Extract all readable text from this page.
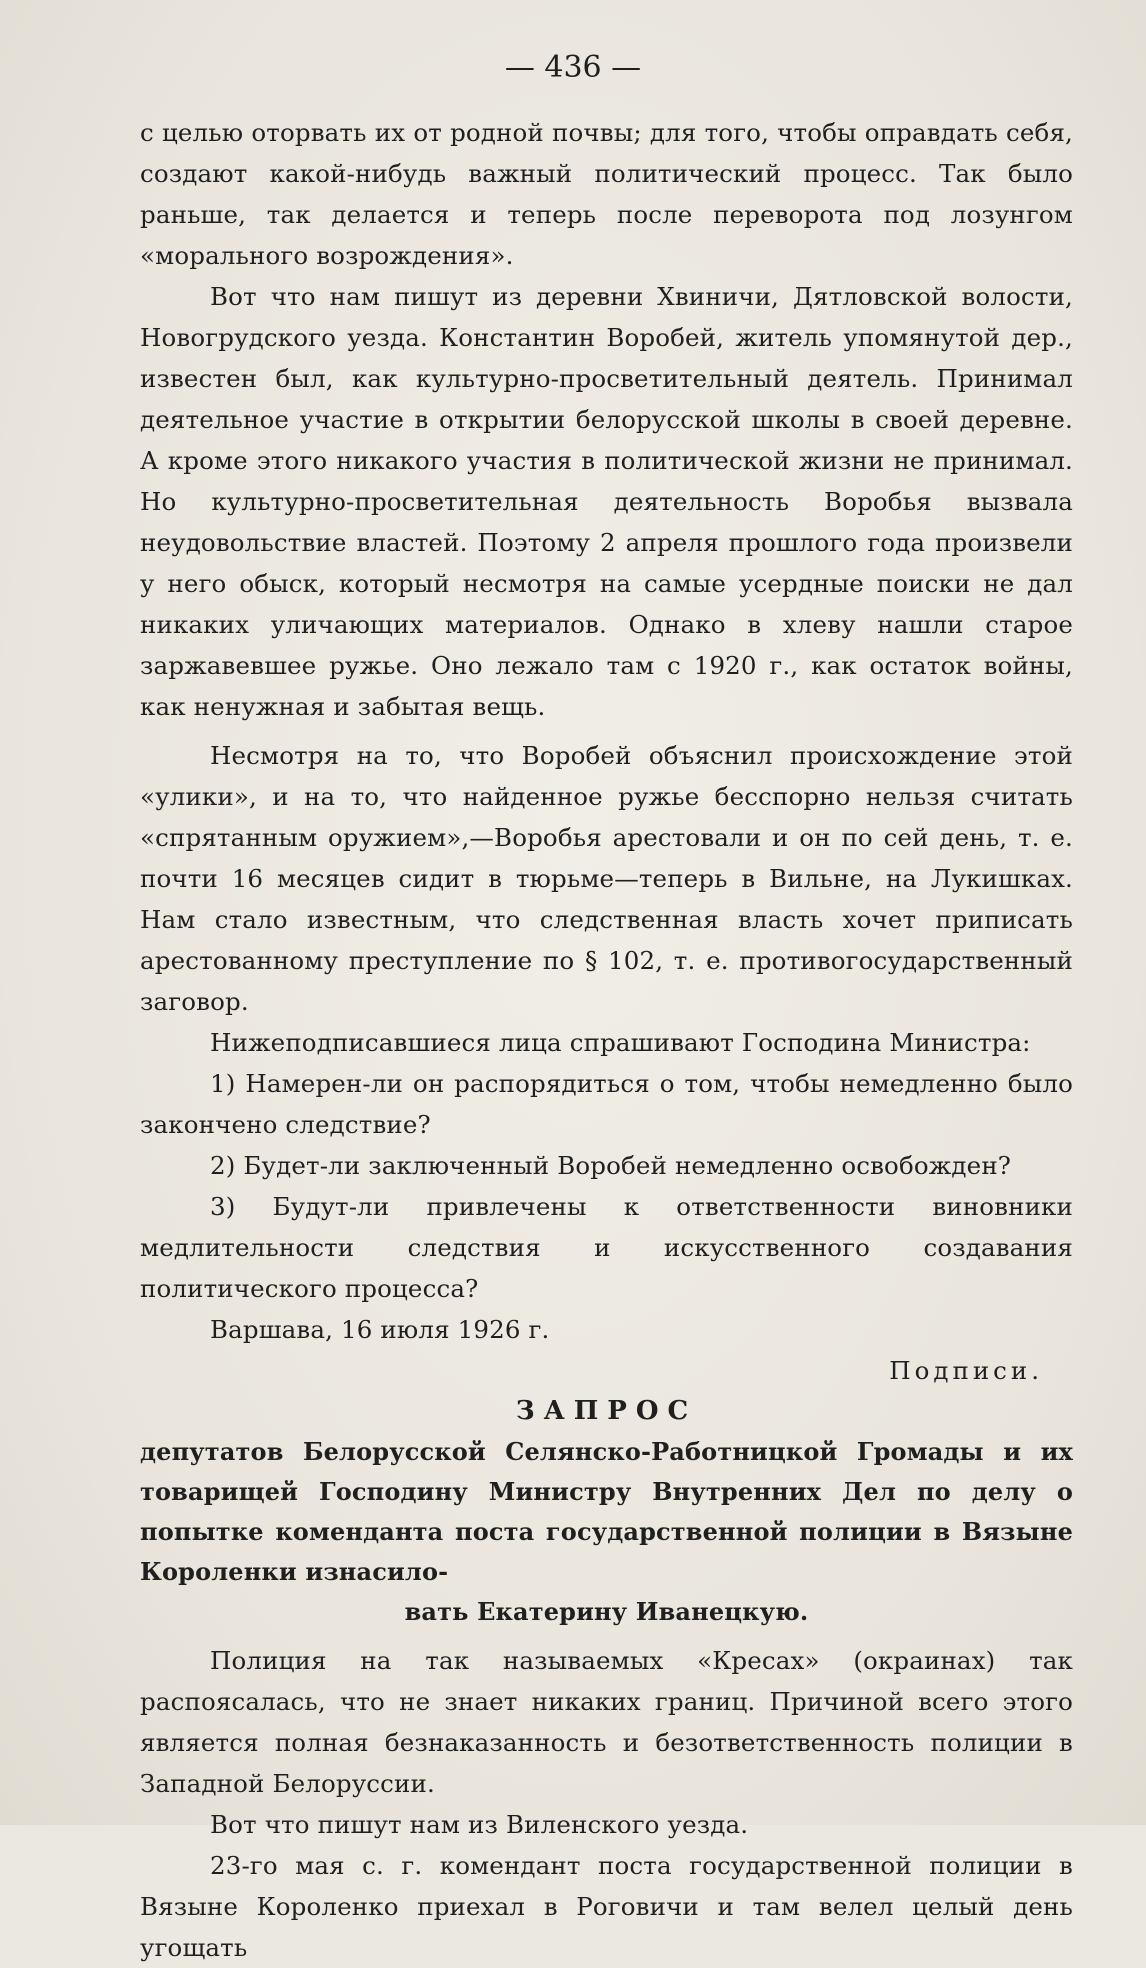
— 436 —

с целью оторвать их от родной почвы; для того, чтобы оправдать себя, создают какой-нибудь важный политический процесс. Так было раньше, так делается и теперь после переворота под лозунгом «морального возрождения».

Вот что нам пишут из деревни Хвиничи, Дятловской волости, Новогрудского уезда. Константин Воробей, житель упомянутой дер., известен был, как культурно-просветительный деятель. Принимал деятельное участие в открытии белорусской школы в своей деревне. А кроме этого никакого участия в политической жизни не принимал. Но культурно-просветительная деятельность Воробья вызвала неудовольствие властей. Поэтому 2 апреля прошлого года произвели у него обыск, который несмотря на самые усердные поиски не дал никаких уличающих материалов. Однако в хлеву нашли старое заржавевшее ружье. Оно лежало там с 1920 г., как остаток войны, как ненужная и забытая вещь.

Несмотря на то, что Воробей объяснил происхождение этой «улики», и на то, что найденное ружье бесспорно нельзя считать «спрятанным оружием»,—Воробья арестовали и он по сей день, т. е. почти 16 месяцев сидит в тюрьме—теперь в Вильне, на Лукишках. Нам стало известным, что следственная власть хочет приписать арестованному преступление по § 102, т. е. противогосударственный заговор.

Нижеподписавшиеся лица спрашивают Господина Министра:

1) Намерен-ли он распорядиться о том, чтобы немедленно было закончено следствие?

2) Будет-ли заключенный Воробей немедленно освобожден?

3) Будут-ли привлечены к ответственности виновники медлительности следствия и искусственного создавания политического процесса?

Варшава, 16 июля 1926 г.

Подписи.

ЗАПРОС

депутатов Белорусской Селянско-Работницкой Громады и их товарищей Господину Министру Внутренних Дел по делу о попытке коменданта поста государственной полиции в Вязыне Короленки изнасило-

вать Екатерину Иванецкую.

Полиция на так называемых «Кресах» (окраинах) так распоясалась, что не знает никаких границ. Причиной всего этого является полная безнаказанность и безответственность полиции в Западной Белоруссии.

Вот что пишут нам из Виленского уезда.

23-го мая с. г. комендант поста государственной полиции в Вязыне Короленко приехал в Роговичи и там велел целый день угощать
